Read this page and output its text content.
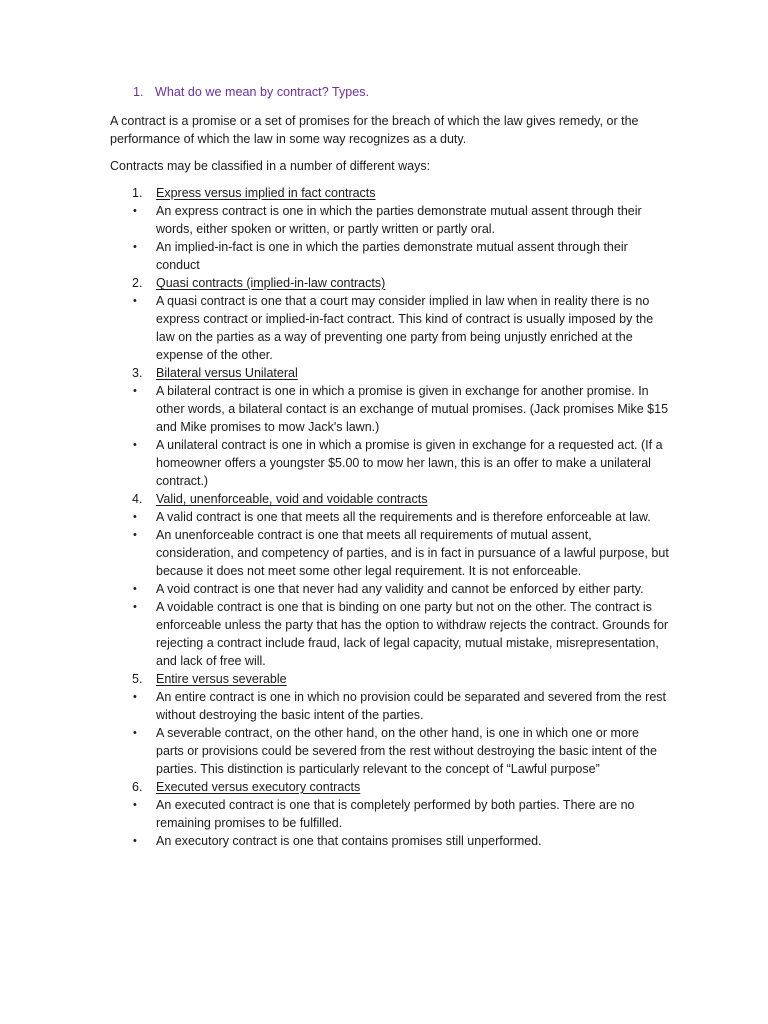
1. What do we mean by contract? Types.
A contract is a promise or a set of promises for the breach of which the law gives remedy, or the performance of which the law in some way recognizes as a duty.
Contracts may be classified in a number of different ways:
1.	Express versus implied in fact contracts
•	An express contract is one in which the parties demonstrate mutual assent through their words, either spoken or written, or partly written or partly oral.
•	An implied-in-fact is one in which the parties demonstrate mutual assent through their conduct
2.	Quasi contracts (implied-in-law contracts)
•	A quasi contract is one that a court may consider implied in law when in reality there is no express contract or implied-in-fact contract. This kind of contract is usually imposed by the law on the parties as a way of preventing one party from being unjustly enriched at the expense of the other.
3.	Bilateral versus Unilateral
•	A bilateral contract is one in which a promise is given in exchange for another promise. In other words, a bilateral contact is an exchange of mutual promises. (Jack promises Mike $15 and Mike promises to mow Jack's lawn.)
•	A unilateral contract is one in which a promise is given in exchange for a requested act. (If a homeowner offers a youngster $5.00 to mow her lawn, this is an offer to make a unilateral contract.)
4.	Valid, unenforceable, void and voidable contracts
•	A valid contract is one that meets all the requirements and is therefore enforceable at law.
•	An unenforceable contract is one that meets all requirements of mutual assent, consideration, and competency of parties, and is in fact in pursuance of a lawful purpose, but because it does not meet some other legal requirement. It is not enforceable.
•	A void contract is one that never had any validity and cannot be enforced by either party.
•	A voidable contract is one that is binding on one party but not on the other. The contract is enforceable unless the party that has the option to withdraw rejects the contract. Grounds for rejecting a contract include fraud, lack of legal capacity, mutual mistake, misrepresentation, and lack of free will.
5.	Entire versus severable
•	An entire contract is one in which no provision could be separated and severed from the rest without destroying the basic intent of the parties.
•	A severable contract, on the other hand, on the other hand, is one in which one or more parts or provisions could be severed from the rest without destroying the basic intent of the parties. This distinction is particularly relevant to the concept of “Lawful purpose”
6.	Executed versus executory contracts
•	An executed contract is one that is completely performed by both parties. There are no remaining promises to be fulfilled.
•	An executory contract is one that contains promises still unperformed.
